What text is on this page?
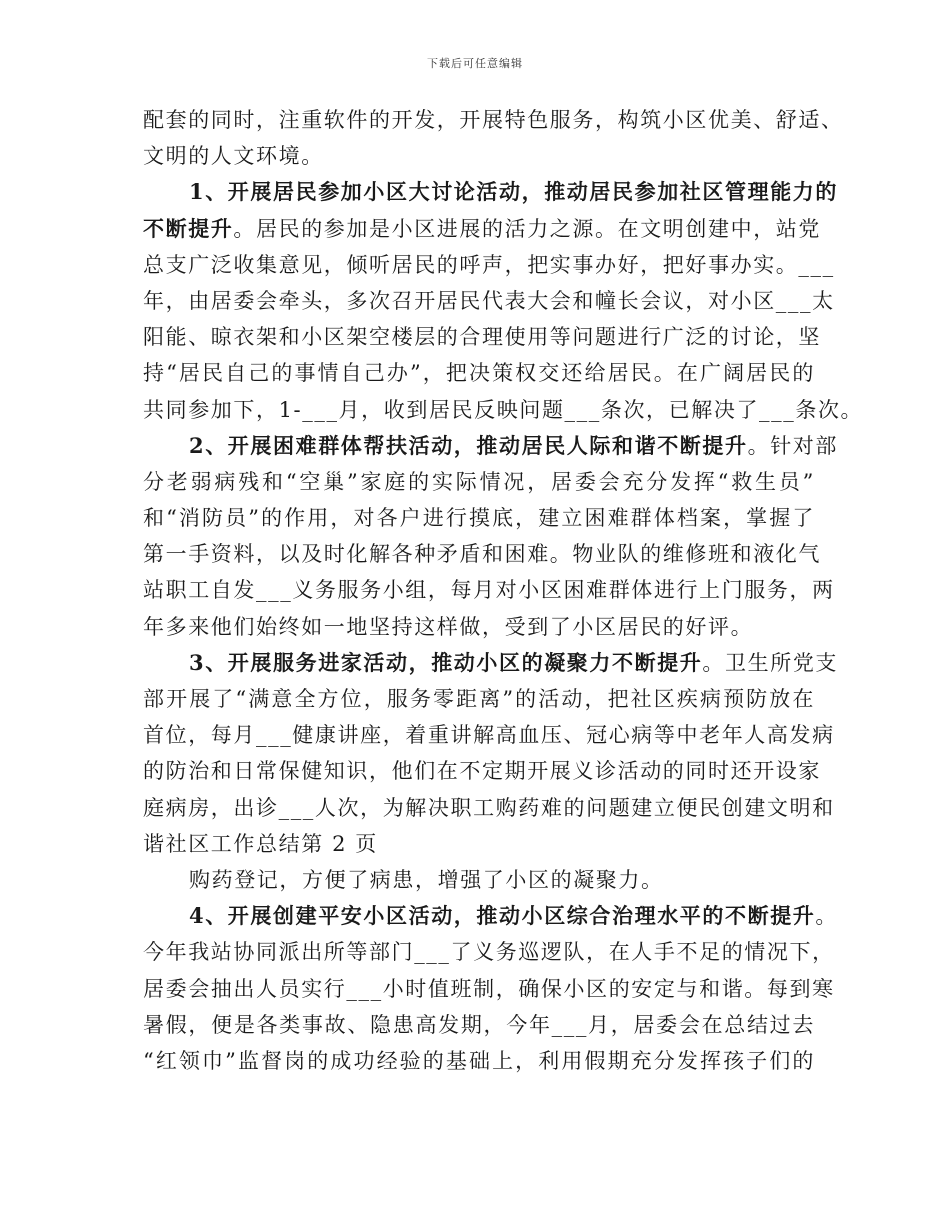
下载后可任意编辑
配套的同时，注重软件的开发，开展特色服务，构筑小区优美、舒适、
文明的人文环境。
1、开展居民参加小区大讨论活动，推动居民参加社区管理能力的
不断提升。居民的参加是小区进展的活力之源。在文明创建中，站党
总支广泛收集意见，倾听居民的呼声，把实事办好，把好事办实。___
年，由居委会牵头，多次召开居民代表大会和幢长会议，对小区___太
阳能、晾衣架和小区架空楼层的合理使用等问题进行广泛的讨论，坚
持“居民自己的事情自己办”，把决策权交还给居民。在广阔居民的
共同参加下，1-___月，收到居民反映问题___条次，已解决了___条次。
2、开展困难群体帮扶活动，推动居民人际和谐不断提升。针对部
分老弱病残和“空巢”家庭的实际情况，居委会充分发挥“救生员”
和“消防员”的作用，对各户进行摸底，建立困难群体档案，掌握了
第一手资料，以及时化解各种矛盾和困难。物业队的维修班和液化气
站职工自发___义务服务小组，每月对小区困难群体进行上门服务，两
年多来他们始终如一地坚持这样做，受到了小区居民的好评。
3、开展服务进家活动，推动小区的凝聚力不断提升。卫生所党支
部开展了“满意全方位，服务零距离”的活动，把社区疾病预防放在
首位，每月___健康讲座，着重讲解高血压、冠心病等中老年人高发病
的防治和日常保健知识，他们在不定期开展义诊活动的同时还开设家
庭病房，出诊___人次，为解决职工购药难的问题建立便民创建文明和
谐社区工作总结第 2 页
购药登记，方便了病患，增强了小区的凝聚力。
4、开展创建平安小区活动，推动小区综合治理水平的不断提升。
今年我站协同派出所等部门___了义务巡逻队，在人手不足的情况下，
居委会抽出人员实行___小时值班制，确保小区的安定与和谐。每到寒
暑假，便是各类事故、隐患高发期，今年___月，居委会在总结过去
“红领巾”监督岗的成功经验的基础上，利用假期充分发挥孩子们的
